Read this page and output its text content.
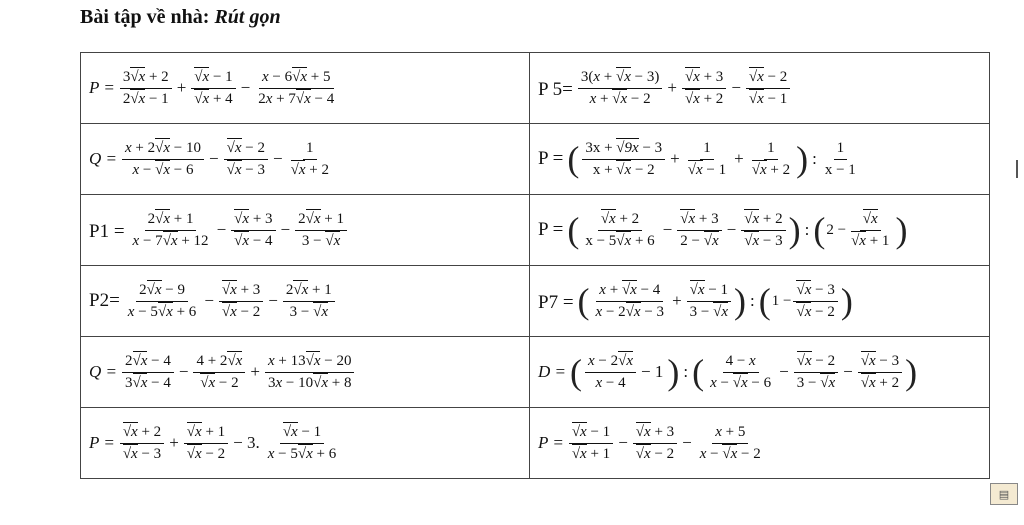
Bài tập về nhà: Rút gọn
$P = \frac{3√ x + 2}{2√ x - 1}$ +
√ x − 1
√ $x + 4 - \frac{x - 6√ x + 5}{2x + 7√ x - 4}$	P $5= \frac{3(x + √ x - 3)}{x + √ x - 2}$ +
√ x + 3
√ x + 2 −
√ x − 2
√ x − 1

$Q = \frac{x + 2√ x - 10}{x - √ x - 6}$ −
√ x − 2
√ x − 3 − 1
√ x + 2	P = ( $\frac{3x + √ 9x - 3}{x + √ x - 2} + 1$
√ x − 1 + 1
√ x + 2 ) : $\frac{1}{x - 1}$

$P1 = \frac{2√ x + 1}{x - 7√ x + 12}$ −
√ x + 3
√ $x - 4 - \frac{2√ x + 1}{3 - √ x}$	P = (
√ $\frac{x + 2}{x - 5√ x + 6}$ −
√ $\frac{x + 3}{2 - √ x}$ −
√ x + 2
√ x − 3 ) : ( 2 −
√ x
√ x + 1 )

$P2= \frac{2√ x - 9}{x - 5√ x + 6}$ −
√ x + 3
√ $x - 2 - \frac{2√ x + 1}{3 - √ x}$	P7 = ( $\frac{x + √ x - 4}{x - 2√ x - 3}$ +
√ $\frac{x - 1}{3 - √ x}$ ) : ( 1 −
√ x − 3
√ x − 2 )

$Q = \frac{2√ x - 4}{3√ x - 4} - 4 + 2√$ x
√ $x - 2 + \frac{x + 13√ x - 20}{3x - 10√ x + 8}$	D = ( $\frac{x - 2√ x}{x - 4} - 1$ ) : ( $\frac{4 - x}{x - √ x - 6}$ −
√ $\frac{x - 2}{3 - √ x}$ −
√ x − 3
√ x + 2 )

P =
√ x + 2
√ x − 3 +
√ x + 1
√ x − 2 − 3.
√ $\frac{x - 1}{x - 5√ x + 6}$	P =
√ x − 1
√ x + 1 −
√ x + 3
√ $x - 2 - \frac{x + 5}{x - √ x - 2}$
▤
